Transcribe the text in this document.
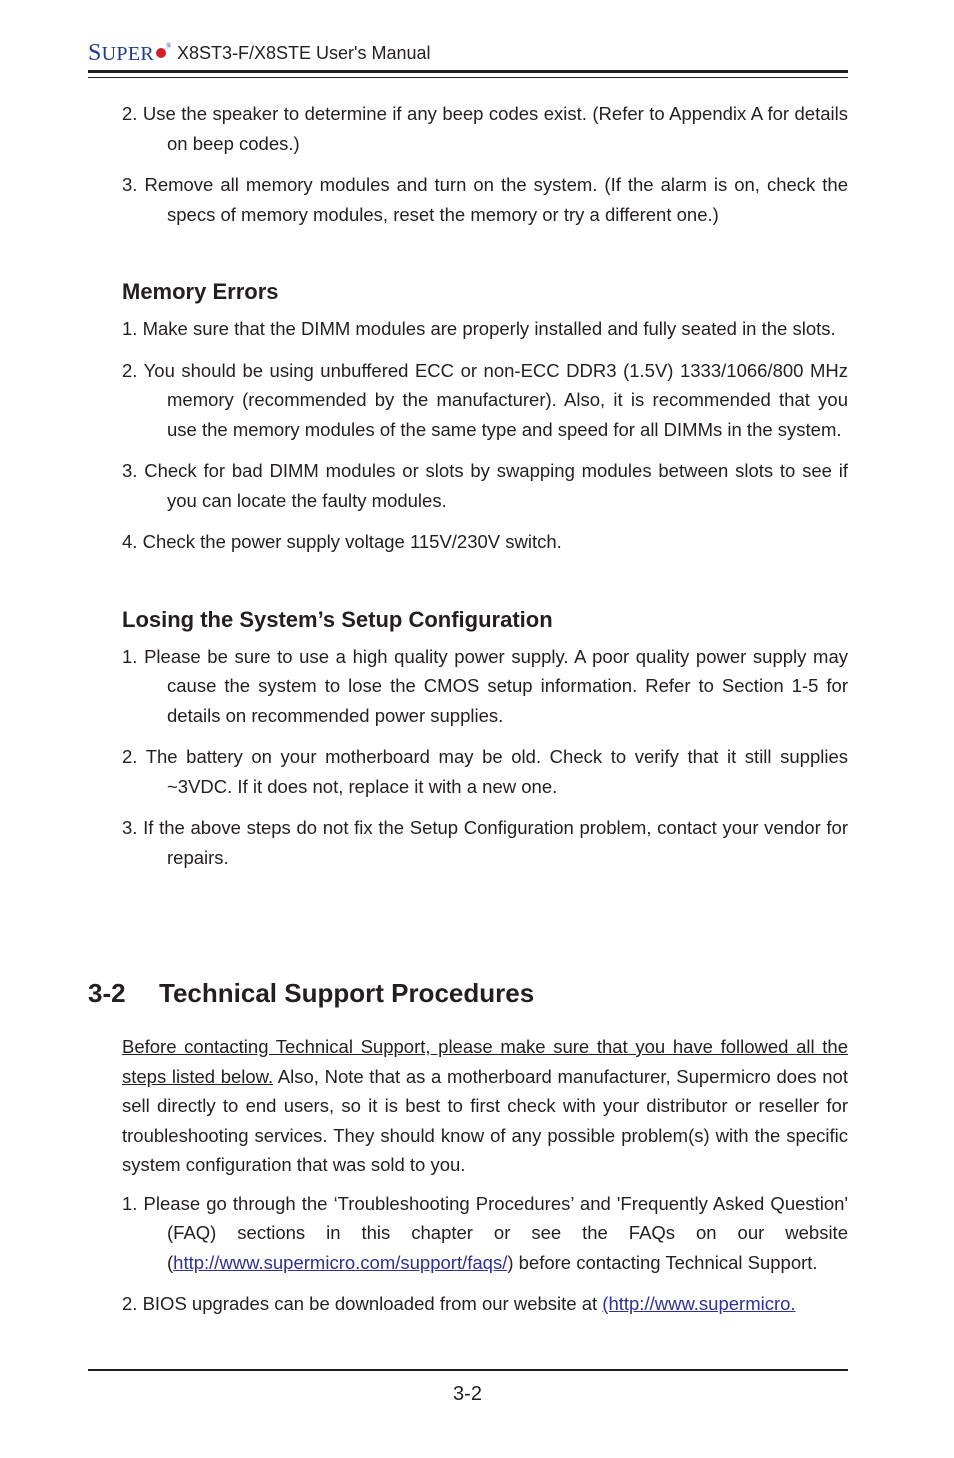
SUPER ® X8ST3-F/X8STE User's Manual

2. Use the speaker to determine if any beep codes exist. (Refer to Appendix A for details on beep codes.)

3. Remove all memory modules and turn on the system. (If the alarm is on, check the specs of memory modules, reset the memory or try a different one.)

Memory Errors

1. Make sure that the DIMM modules are properly installed and fully seated in the slots.

2. You should be using unbuffered ECC or non-ECC DDR3 (1.5V) 1333/1066/800 MHz memory (recommended by the manufacturer). Also, it is recommended that you use the memory modules of the same type and speed for all DIMMs in the system.

3. Check for bad DIMM modules or slots by swapping modules between slots to see if you can locate the faulty modules.

4. Check the power supply voltage 115V/230V switch.

Losing the System’s Setup Configuration

1. Please be sure to use a high quality power supply. A poor quality power supply may cause the system to lose the CMOS setup information. Refer to Section 1-5 for details on recommended power supplies.

2. The battery on your motherboard may be old. Check to verify that it still supplies ~3VDC. If it does not, replace it with a new one.

3. If the above steps do not fix the Setup Configuration problem, contact your vendor for repairs.

3-2 Technical Support Procedures

Before contacting Technical Support, please make sure that you have followed all the steps listed below. Also, Note that as a motherboard manufacturer, Supermicro does not sell directly to end users, so it is best to first check with your distributor or reseller for troubleshooting services. They should know of any possible problem(s) with the specific system configuration that was sold to you.

1. Please go through the ‘Troubleshooting Procedures’ and 'Frequently Asked Question' (FAQ) sections in this chapter or see the FAQs on our website (http://www.supermicro.com/support/faqs/) before contacting Technical Support.

2. BIOS upgrades can be downloaded from our website at (http://www.supermicro.

3-2
